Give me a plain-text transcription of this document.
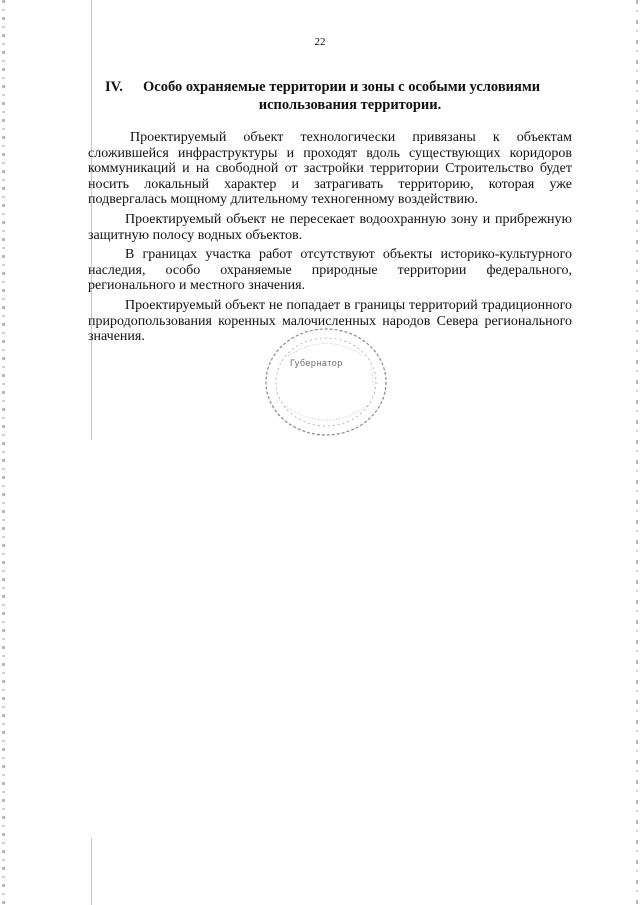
22
IV. Особо охраняемые территории и зоны с особыми условиями
использования территории.

Проектируемый объект технологически привязаны к объектам сложившейся инфраструктуры и проходят вдоль существующих коридоров коммуникаций и на свободной от застройки территории Строительство будет носить локальный характер и затрагивать территорию, которая уже подвергалась мощному длительному техногенному воздействию.

Проектируемый объект не пересекает водоохранную зону и прибрежную защитную полосу водных объектов.

В границах участка работ отсутствуют объекты историко-культурного наследия, особо охраняемые природные территории федерального, регионального и местного значения.

Проектируемый объект не попадает в границы территорий традиционного природопользования коренных малочисленных народов Севера регионального значения.

Губернатор
